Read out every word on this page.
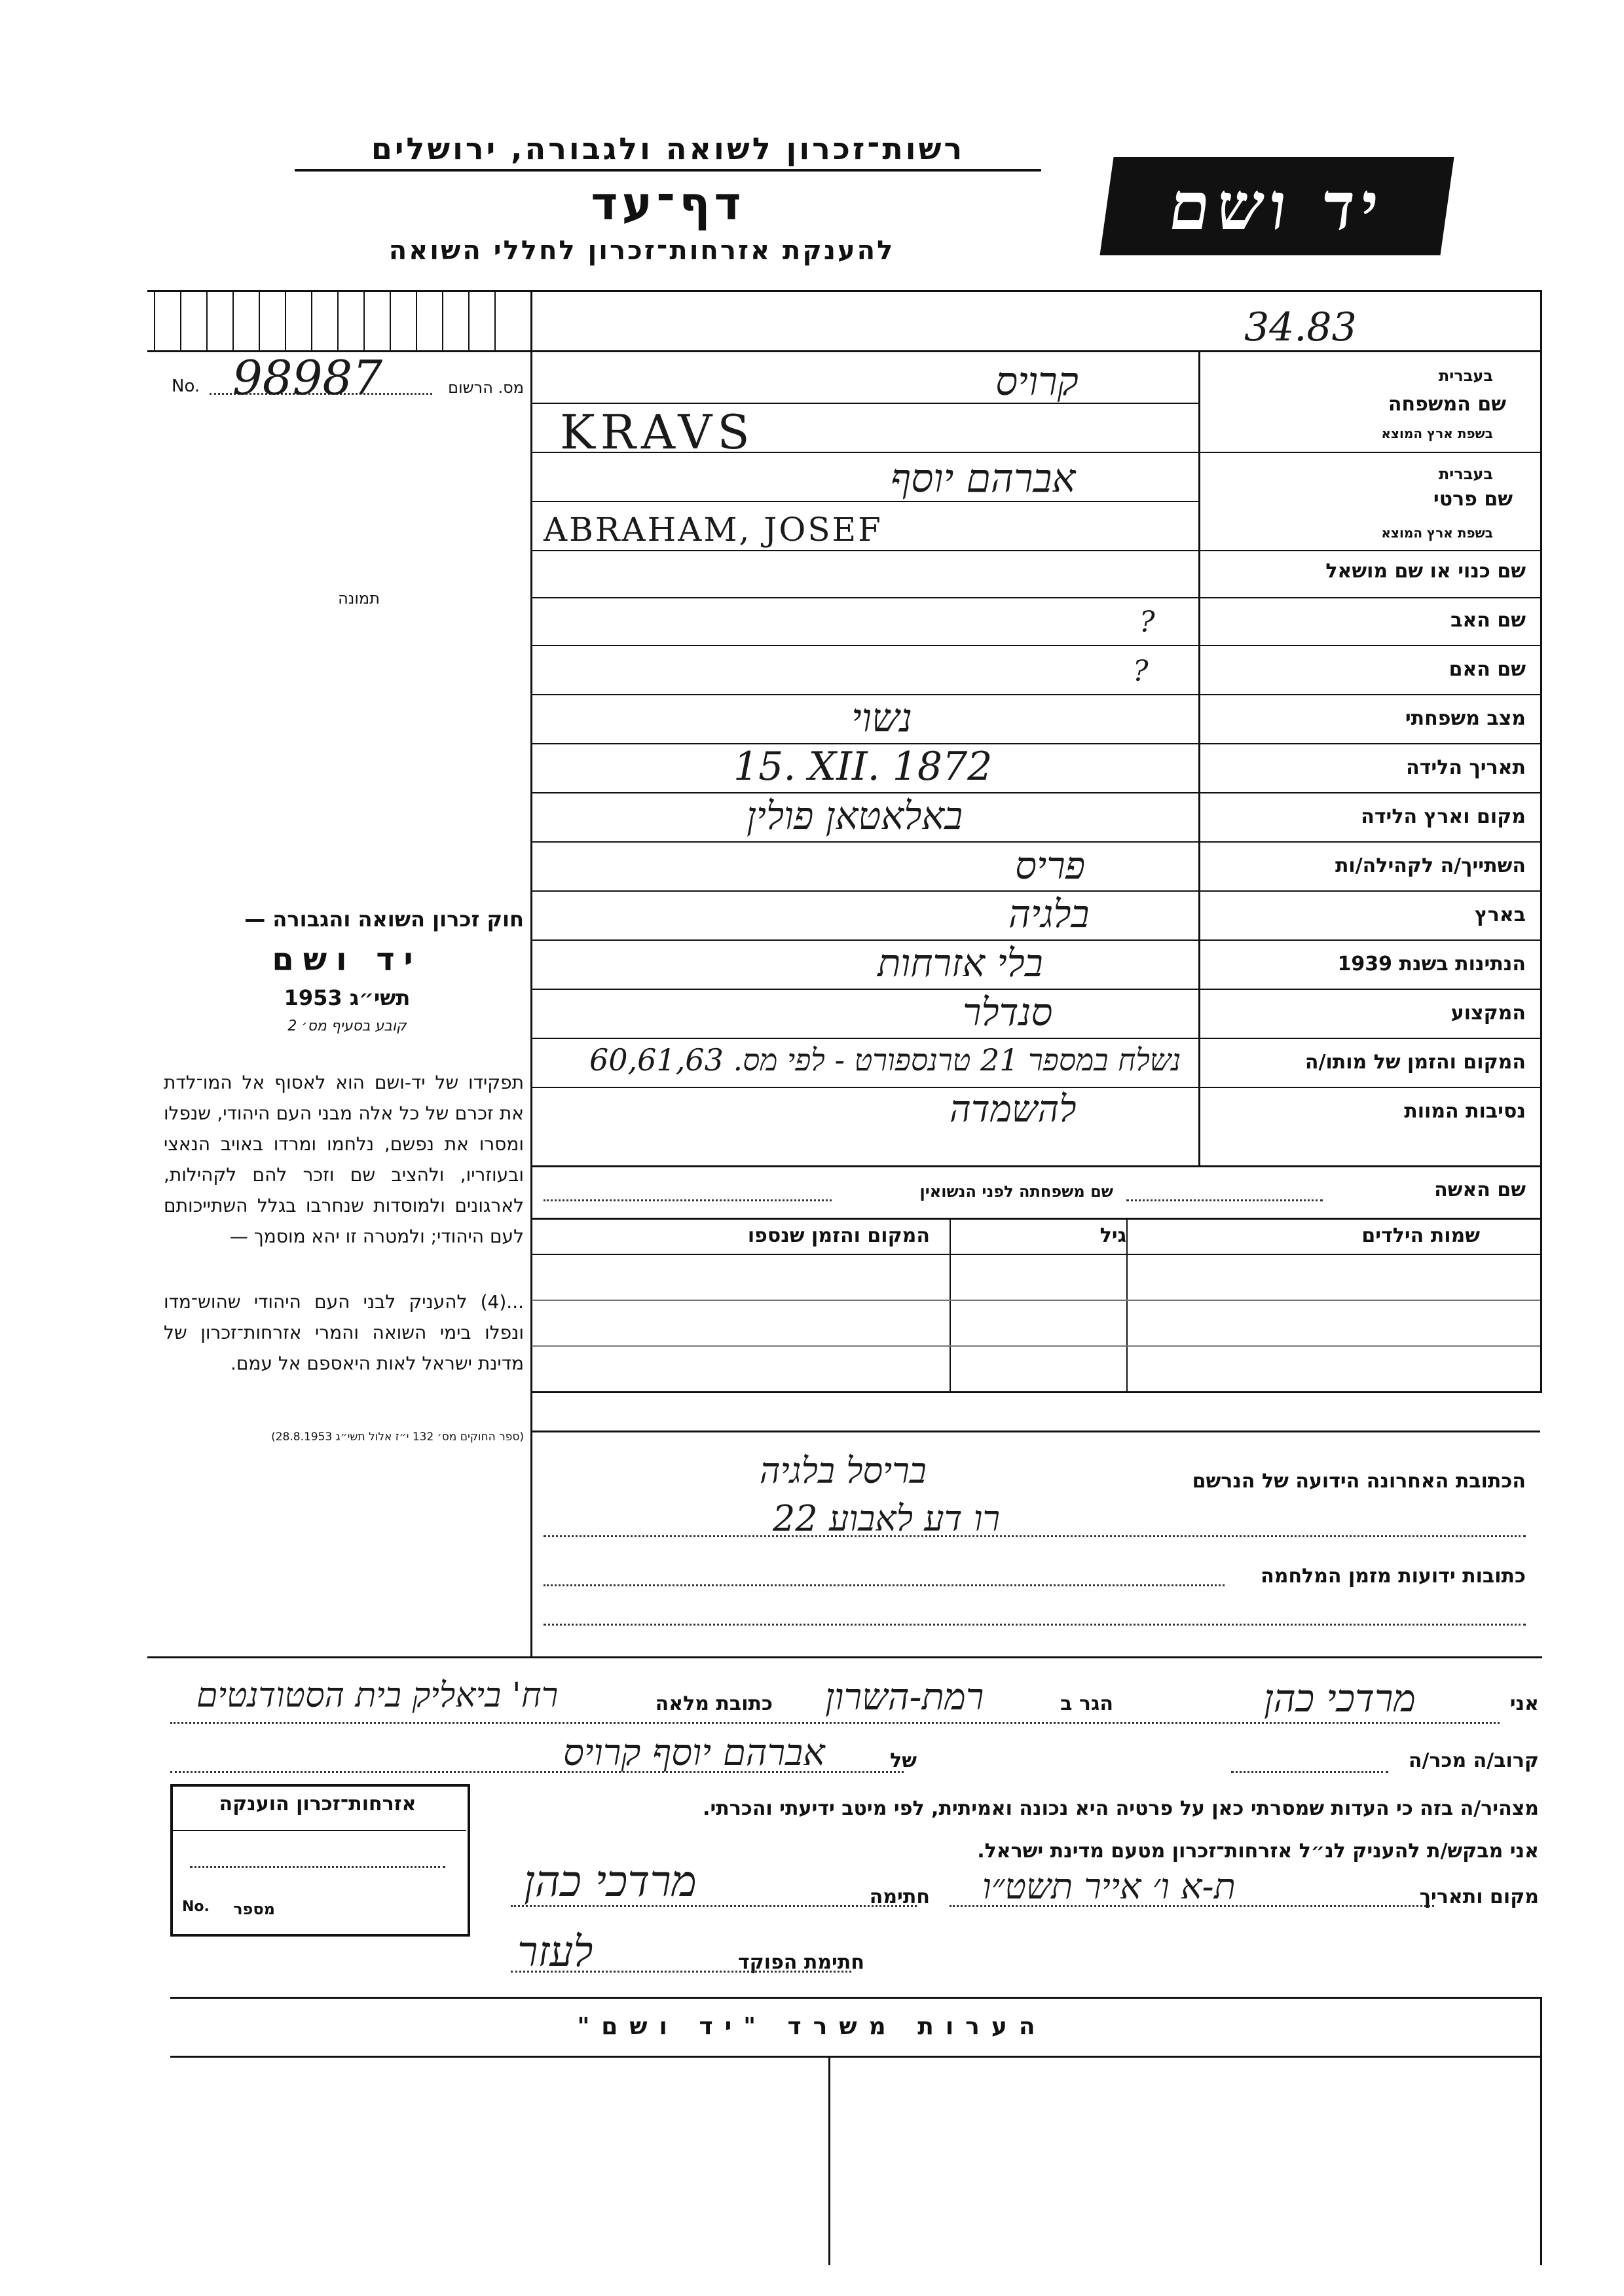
רשות־זכרון לשואה ולגבורה, ירושלים
דף־עד
להענקת אזרחות־זכרון לחללי השואה
יד ושם
34.83
No. 98987	מס. הרשום
תמונה
שם המשפחה
בעברית
בשפת ארץ המוצא
קרויס
KRAVS
שם פרטי
בעברית
בשפת ארץ המוצא
אברהם יוסף
ABRAHAM, JOSEF
שם כנוי או שם מושאל
שם האב
?
שם האם
?
מצב משפחתי
נשוי
תאריך הלידה
15. XII. 1872
מקום וארץ הלידה
באלאטאן פולין
השתייך/ה לקהילה/ות
פריס
בארץ
בלגיה
הנתינות בשנת 1939
בלי אזרחות
המקצוע
סנדלר
המקום והזמן של מותו/ה
נשלח במספר 21 טרנספורט - לפי מס. 60,61,63
נסיבות המוות
להשמדה
שם האשה
שם משפחתה לפני הנשואין
שמות הילדים
גיל
המקום והזמן שנספו
חוק זכרון השואה והגבורה —
יד ושם
תשי״ג 1953
קובע בסעיף מס׳ 2
תפקידו של יד-ושם הוא לאסוף אל המו־לדת את זכרם של כל אלה מבני העם היהודי, שנפלו ומסרו את נפשם, נלחמו ומרדו באויב הנאצי ובעוזריו, ולהציב שם וזכר להם לקהילות, לארגונים ולמוסדות שנחרבו בגלל השתייכותם לעם היהודי; ולמטרה זו יהא מוסמך —
...(4) להעניק לבני העם היהודי שהוש־מדו ונפלו בימי השואה והמרי אזרחות־זכרון של מדינת ישראל לאות היאספם אל עמם.
(ספר החוקים מס׳ 132 י״ז אלול תשי״ג 28.8.1953)
הכתובת האחרונה הידועה של הנרשם
בריסל בלגיה
רו דע לאבוע 22
כתובות ידועות מזמן המלחמה
אני
מרדכי כהן
הגר ב
רמת-השרון
כתובת מלאה
רח' ביאליק בית הסטודנטים
קרוב/ה מכר/ה
של
אברהם יוסף קרויס
מצהיר/ה בזה כי העדות שמסרתי כאן על פרטיה היא נכונה ואמיתית, לפי מיטב ידיעתי והכרתי.
אני מבקש/ת להעניק לנ״ל אזרחות־זכרון מטעם מדינת ישראל.
מקום ותאריך
ת-א ו׳ אייר תשט״ו
חתימה
מרדכי כהן
חתימת הפוקד
לעזר
אזרחות־זכרון הוענקה
No. מספר
הערות משרד "יד ושם"
